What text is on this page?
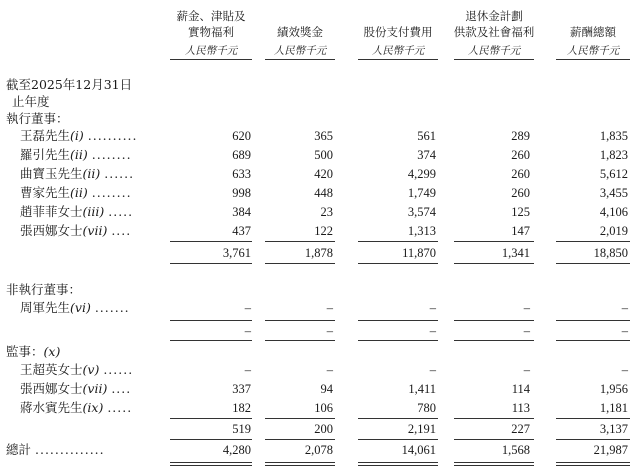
薪金、津貼及
實物福利
人民幣千元
績效獎金
人民幣千元
股份支付費用
人民幣千元
退休金計劃
供款及社會福利
人民幣千元
薪酬總額
人民幣千元
截至2025年12月31日
止年度
執行董事：
王磊先生(i) ..........	620	365	561	289	1,835
羅引先生(ii) ........	689	500	374	260	1,823
曲寶玉先生(ii) ......	633	420	4,299	260	5,612
曹家先生(ii) ........	998	448	1,749	260	3,455
趙菲菲女士(iii) .....	384	23	3,574	125	4,106
張西娜女士(vii) ....	437	122	1,313	147	2,019
3,761	1,878	11,870	1,341	18,850
非執行董事：
周軍先生(vi) .......	–	–	–	–	–
–	–	–	–	–
監事：(x)
王超英女士(v) ......	–	–	–	–	–
張西娜女士(vii) ....	337	94	1,411	114	1,956
蔣水賓先生(ix) .....	182	106	780	113	1,181
519	200	2,191	227	3,137
總計 ..............	4,280	2,078	14,061	1,568	21,987
